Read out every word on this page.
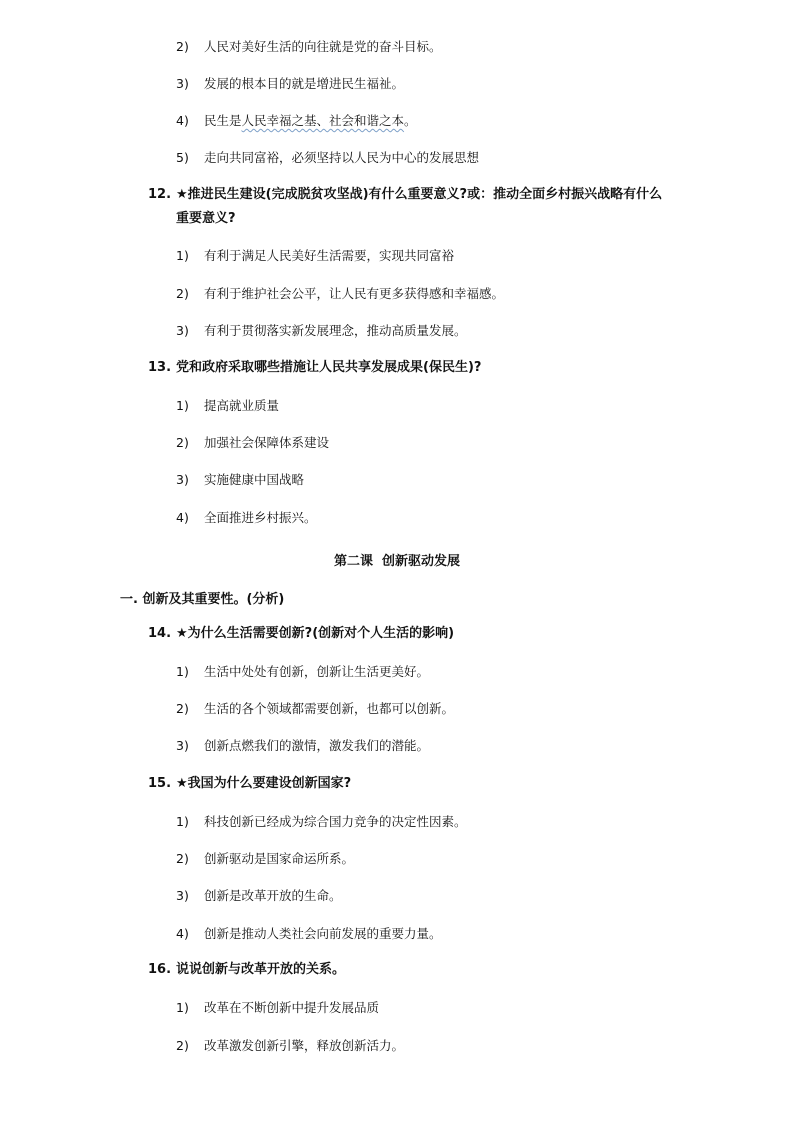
2) 人民对美好生活的向往就是党的奋斗目标。
3) 发展的根本目的就是增进民生福祉。
4) 民生是人民幸福之基、社会和谐之本。
5) 走向共同富裕，必须坚持以人民为中心的发展思想
12. ★推进民生建设(完成脱贫攻坚战)有什么重要意义?或：推动全面乡村振兴战略有什么
重要意义?
1) 有利于满足人民美好生活需要，实现共同富裕
2) 有利于维护社会公平，让人民有更多获得感和幸福感。
3) 有利于贯彻落实新发展理念，推动高质量发展。
13. 党和政府采取哪些措施让人民共享发展成果(保民生)?
1) 提高就业质量
2) 加强社会保障体系建设
3) 实施健康中国战略
4) 全面推进乡村振兴。
第二课  创新驱动发展
一. 创新及其重要性。(分析)
14. ★为什么生活需要创新?(创新对个人生活的影响)
1) 生活中处处有创新，创新让生活更美好。
2) 生活的各个领域都需要创新，也都可以创新。
3) 创新点燃我们的激情，激发我们的潜能。
15. ★我国为什么要建设创新国家?
1) 科技创新已经成为综合国力竞争的决定性因素。
2) 创新驱动是国家命运所系。
3) 创新是改革开放的生命。
4) 创新是推动人类社会向前发展的重要力量。
16. 说说创新与改革开放的关系。
1) 改革在不断创新中提升发展品质
2) 改革激发创新引擎，释放创新活力。
